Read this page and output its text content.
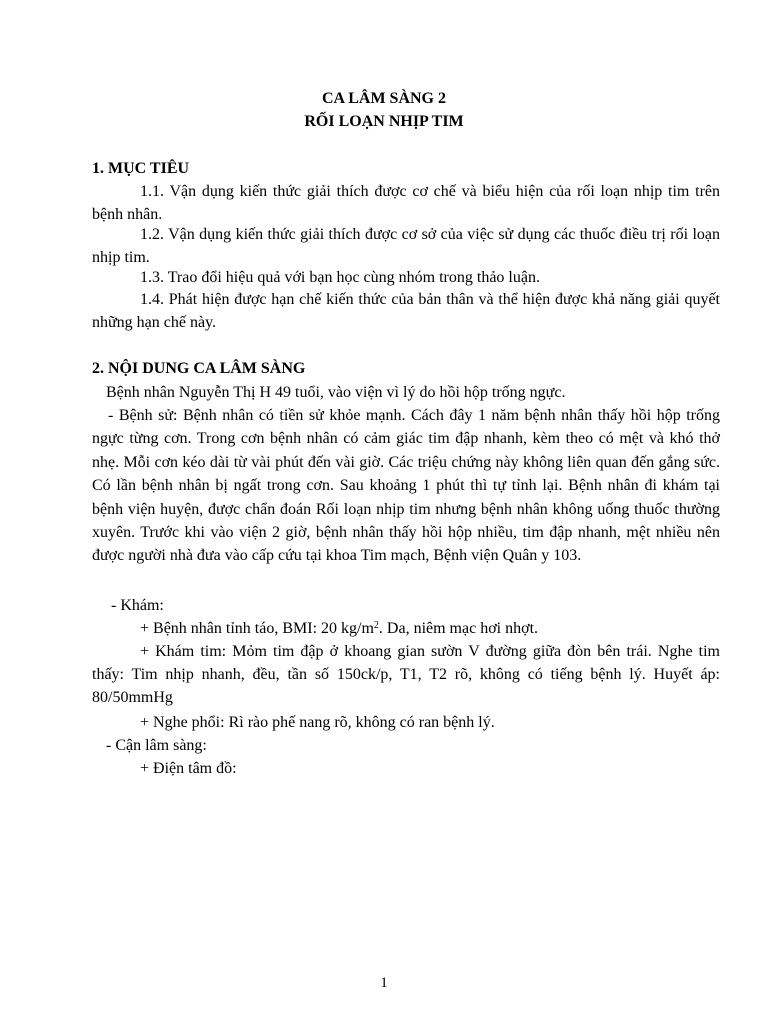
CA LÂM SÀNG 2
RỐI LOẠN NHỊP TIM
1. MỤC TIÊU
1.1. Vận dụng kiến thức giải thích được cơ chế và biểu hiện của rối loạn nhịp tim trên bệnh nhân.
1.2. Vận dụng kiến thức giải thích được cơ sở của việc sử dụng các thuốc điều trị rối loạn nhịp tim.
1.3. Trao đổi hiệu quả với bạn học cùng nhóm trong thảo luận.
1.4. Phát hiện được hạn chế kiến thức của bản thân và thể hiện được khả năng giải quyết những hạn chế này.
2. NỘI DUNG CA LÂM SÀNG
Bệnh nhân Nguyễn Thị H 49 tuổi, vào viện vì lý do hồi hộp trống ngực.
- Bệnh sử: Bệnh nhân có tiền sử khỏe mạnh. Cách đây 1 năm bệnh nhân thấy hồi hộp trống ngực từng cơn. Trong cơn bệnh nhân có cảm giác tim đập nhanh, kèm theo có mệt và khó thở nhẹ. Mỗi cơn kéo dài từ vài phút đến vài giờ. Các triệu chứng này không liên quan đến gắng sức. Có lần bệnh nhân bị ngất trong cơn. Sau khoảng 1 phút thì tự tỉnh lại. Bệnh nhân đi khám tại bệnh viện huyện, được chẩn đoán Rối loạn nhịp tim nhưng bệnh nhân không uống thuốc thường xuyên. Trước khi vào viện 2 giờ, bệnh nhân thấy hồi hộp nhiều, tim đập nhanh, mệt nhiều nên được người nhà đưa vào cấp cứu tại khoa Tim mạch, Bệnh viện Quân y 103.
- Khám:
+ Bệnh nhân tỉnh táo, BMI: 20 $kg/m^2$. Da, niêm mạc hơi nhợt.
+ Khám tim: Mỏm tim đập ở khoang gian sườn V đường giữa đòn bên trái. Nghe tim thấy: Tim nhịp nhanh, đều, tần số 150ck/p, T1, T2 rõ, không có tiếng bệnh lý. Huyết áp: 80/50mmHg
+ Nghe phổi: Rì rào phế nang rõ, không có ran bệnh lý.
- Cận lâm sàng:
+ Điện tâm đồ:
1
